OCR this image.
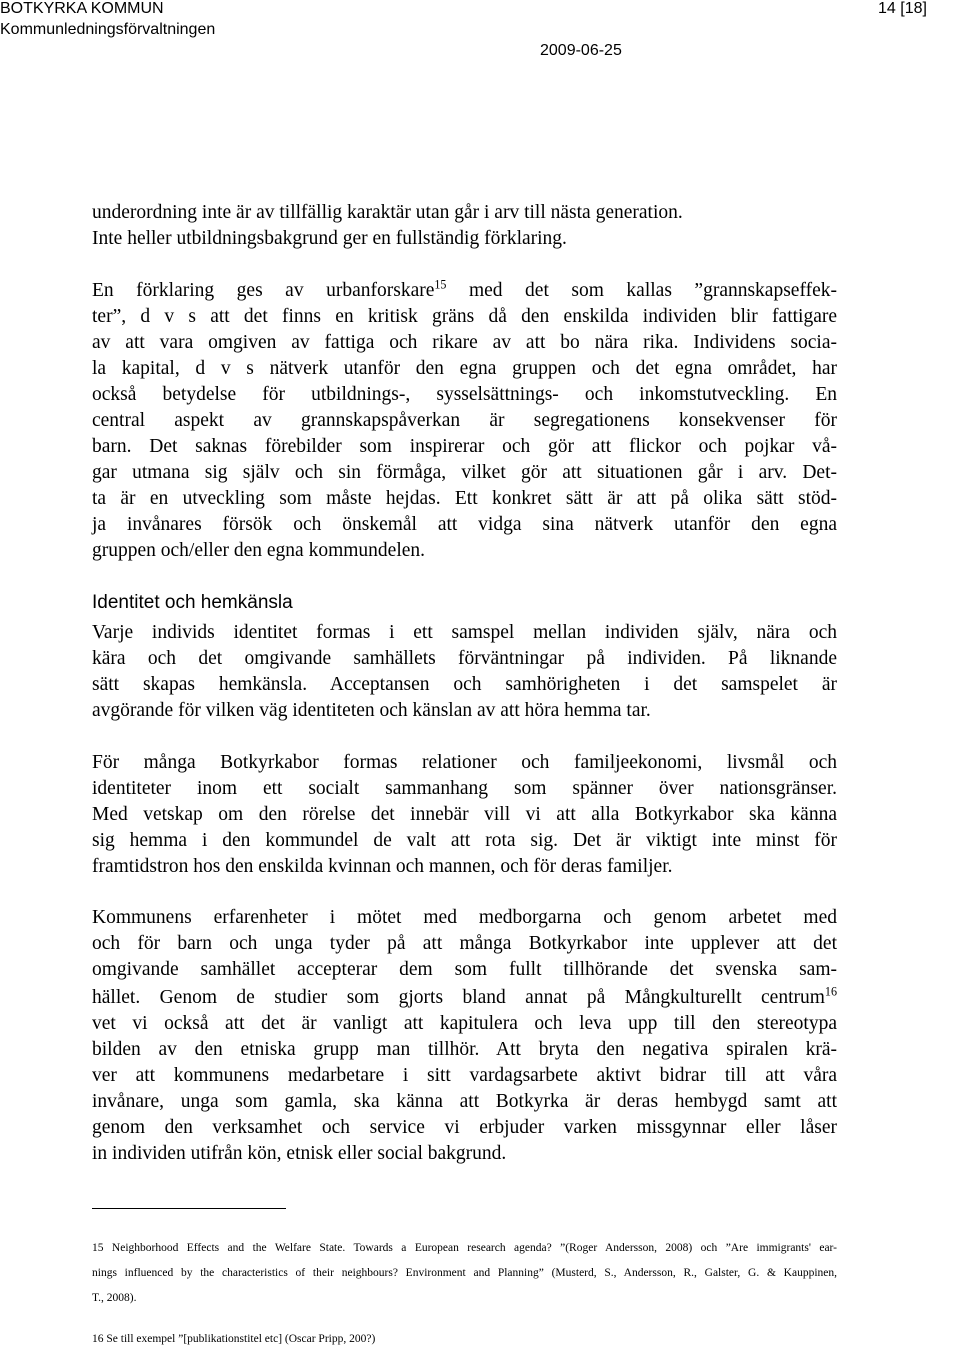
BOTKYRKA KOMMUN
Kommunledningsförvaltningen
2009-06-25
14 [18]
underordning inte är av tillfällig karaktär utan går i arv till nästa generation.
Inte heller utbildningsbakgrund ger en fullständig förklaring.
En förklaring ges av urbanforskare$^{15}$ med det som kallas ”grannskapseffek-
ter”, d v s att det finns en kritisk gräns då den enskilda individen blir fattigare
av att vara omgiven av fattiga och rikare av att bo nära rika. Individens socia-
la kapital, d v s nätverk utanför den egna gruppen och det egna området, har
också betydelse för utbildnings-, sysselsättnings- och inkomstutveckling. En
central aspekt av grannskapspåverkan är segregationens konsekvenser för
barn. Det saknas förebilder som inspirerar och gör att flickor och pojkar vå-
gar utmana sig själv och sin förmåga, vilket gör att situationen går i arv. Det-
ta är en utveckling som måste hejdas. Ett konkret sätt är att på olika sätt stöd-
ja invånares försök och önskemål att vidga sina nätverk utanför den egna
gruppen och/eller den egna kommundelen.
Identitet och hemkänsla
Varje individs identitet formas i ett samspel mellan individen själv, nära och
kära och det omgivande samhällets förväntningar på individen. På liknande
sätt skapas hemkänsla. Acceptansen och samhörigheten i det samspelet är
avgörande för vilken väg identiteten och känslan av att höra hemma tar.
För många Botkyrkabor formas relationer och familjeekonomi, livsmål och
identiteter inom ett socialt sammanhang som spänner över nationsgränser.
Med vetskap om den rörelse det innebär vill vi att alla Botkyrkabor ska känna
sig hemma i den kommundel de valt att rota sig. Det är viktigt inte minst för
framtidstron hos den enskilda kvinnan och mannen, och för deras familjer.
Kommunens erfarenheter i mötet med medborgarna och genom arbetet med
och för barn och unga tyder på att många Botkyrkabor inte upplever att det
omgivande samhället accepterar dem som fullt tillhörande det svenska sam-
hället. Genom de studier som gjorts bland annat på Mångkulturellt centrum$^{16}$
vet vi också att det är vanligt att kapitulera och leva upp till den stereotypa
bilden av den etniska grupp man tillhör. Att bryta den negativa spiralen krä-
ver att kommunens medarbetare i sitt vardagsarbete aktivt bidrar till att våra
invånare, unga som gamla, ska känna att Botkyrka är deras hembygd samt att
genom den verksamhet och service vi erbjuder varken missgynnar eller låser
in individen utifrån kön, etnisk eller social bakgrund.
15 Neighborhood Effects and the Welfare State. Towards a European research agenda? ”(Roger Andersson, 2008) och ”Are immigrants' ear-
nings influenced by the characteristics of their neighbours? Environment and Planning” (Musterd, S., Andersson, R., Galster, G. & Kauppinen,
T., 2008).
16 Se till exempel ”[publikationstitel etc] (Oscar Pripp, 200?)
